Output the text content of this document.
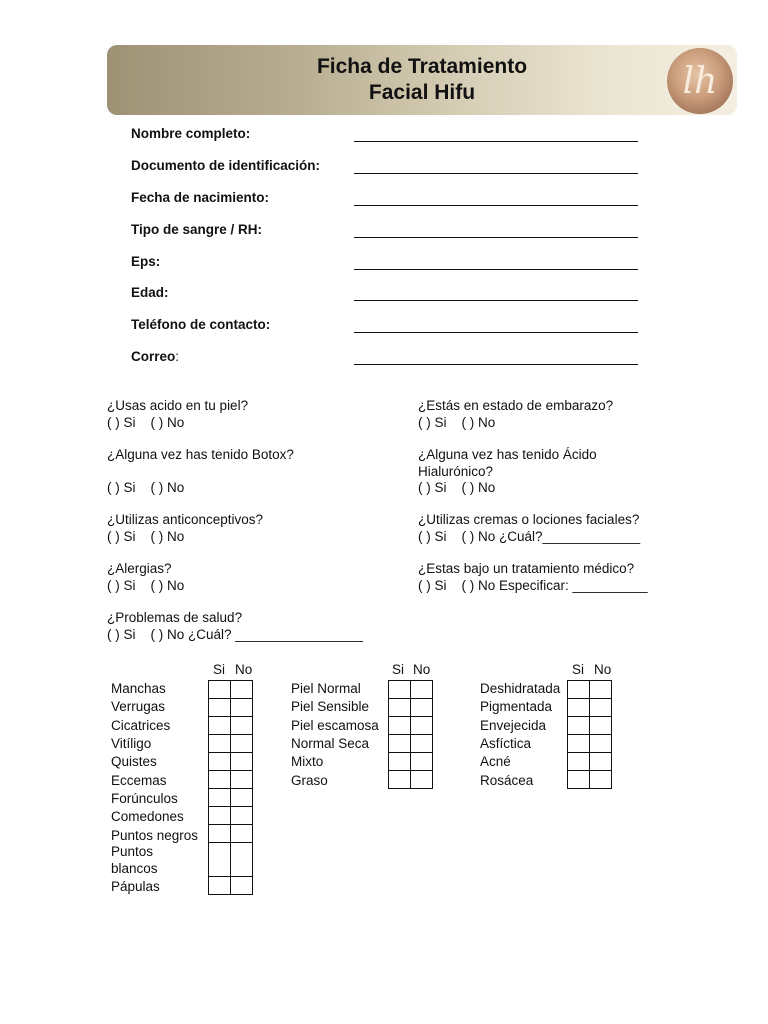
Ficha de Tratamiento
Facial Hifu	lh
Nombre completo:
Documento de identificación:
Fecha de nacimiento:
Tipo de sangre / RH:
Eps:
Edad:
Teléfono de contacto:
Correo:
¿Usas acido en tu piel?
( ) Si    ( ) No
¿Estás en estado de embarazo?
( ) Si    ( ) No
¿Alguna vez has tenido Botox?
( ) Si    ( ) No
¿Alguna vez has tenido Ácido
Hialurónico?
( ) Si    ( ) No
¿Utilizas anticonceptivos?
( ) Si    ( ) No
¿Utilizas cremas o lociones faciales?
( ) Si    ( ) No ¿Cuál?_____________
¿Alergias?
( ) Si    ( ) No
¿Estas bajo un tratamiento médico?
( ) Si    ( ) No Especificar: __________
¿Problemas de salud?
( ) Si    ( ) No ¿Cuál? _________________
Si No
Manchas
Verrugas
Cicatrices
Vitíligo
Quistes
Eccemas
Forúnculos
Comedones
Puntos negros
Puntos
blancos
Pápulas

Si No
Piel Normal
Piel Sensible
Piel escamosa
Normal Seca
Mixto
Graso

Si No
Deshidratada
Pigmentada
Envejecida
Asfíctica
Acné
Rosácea
